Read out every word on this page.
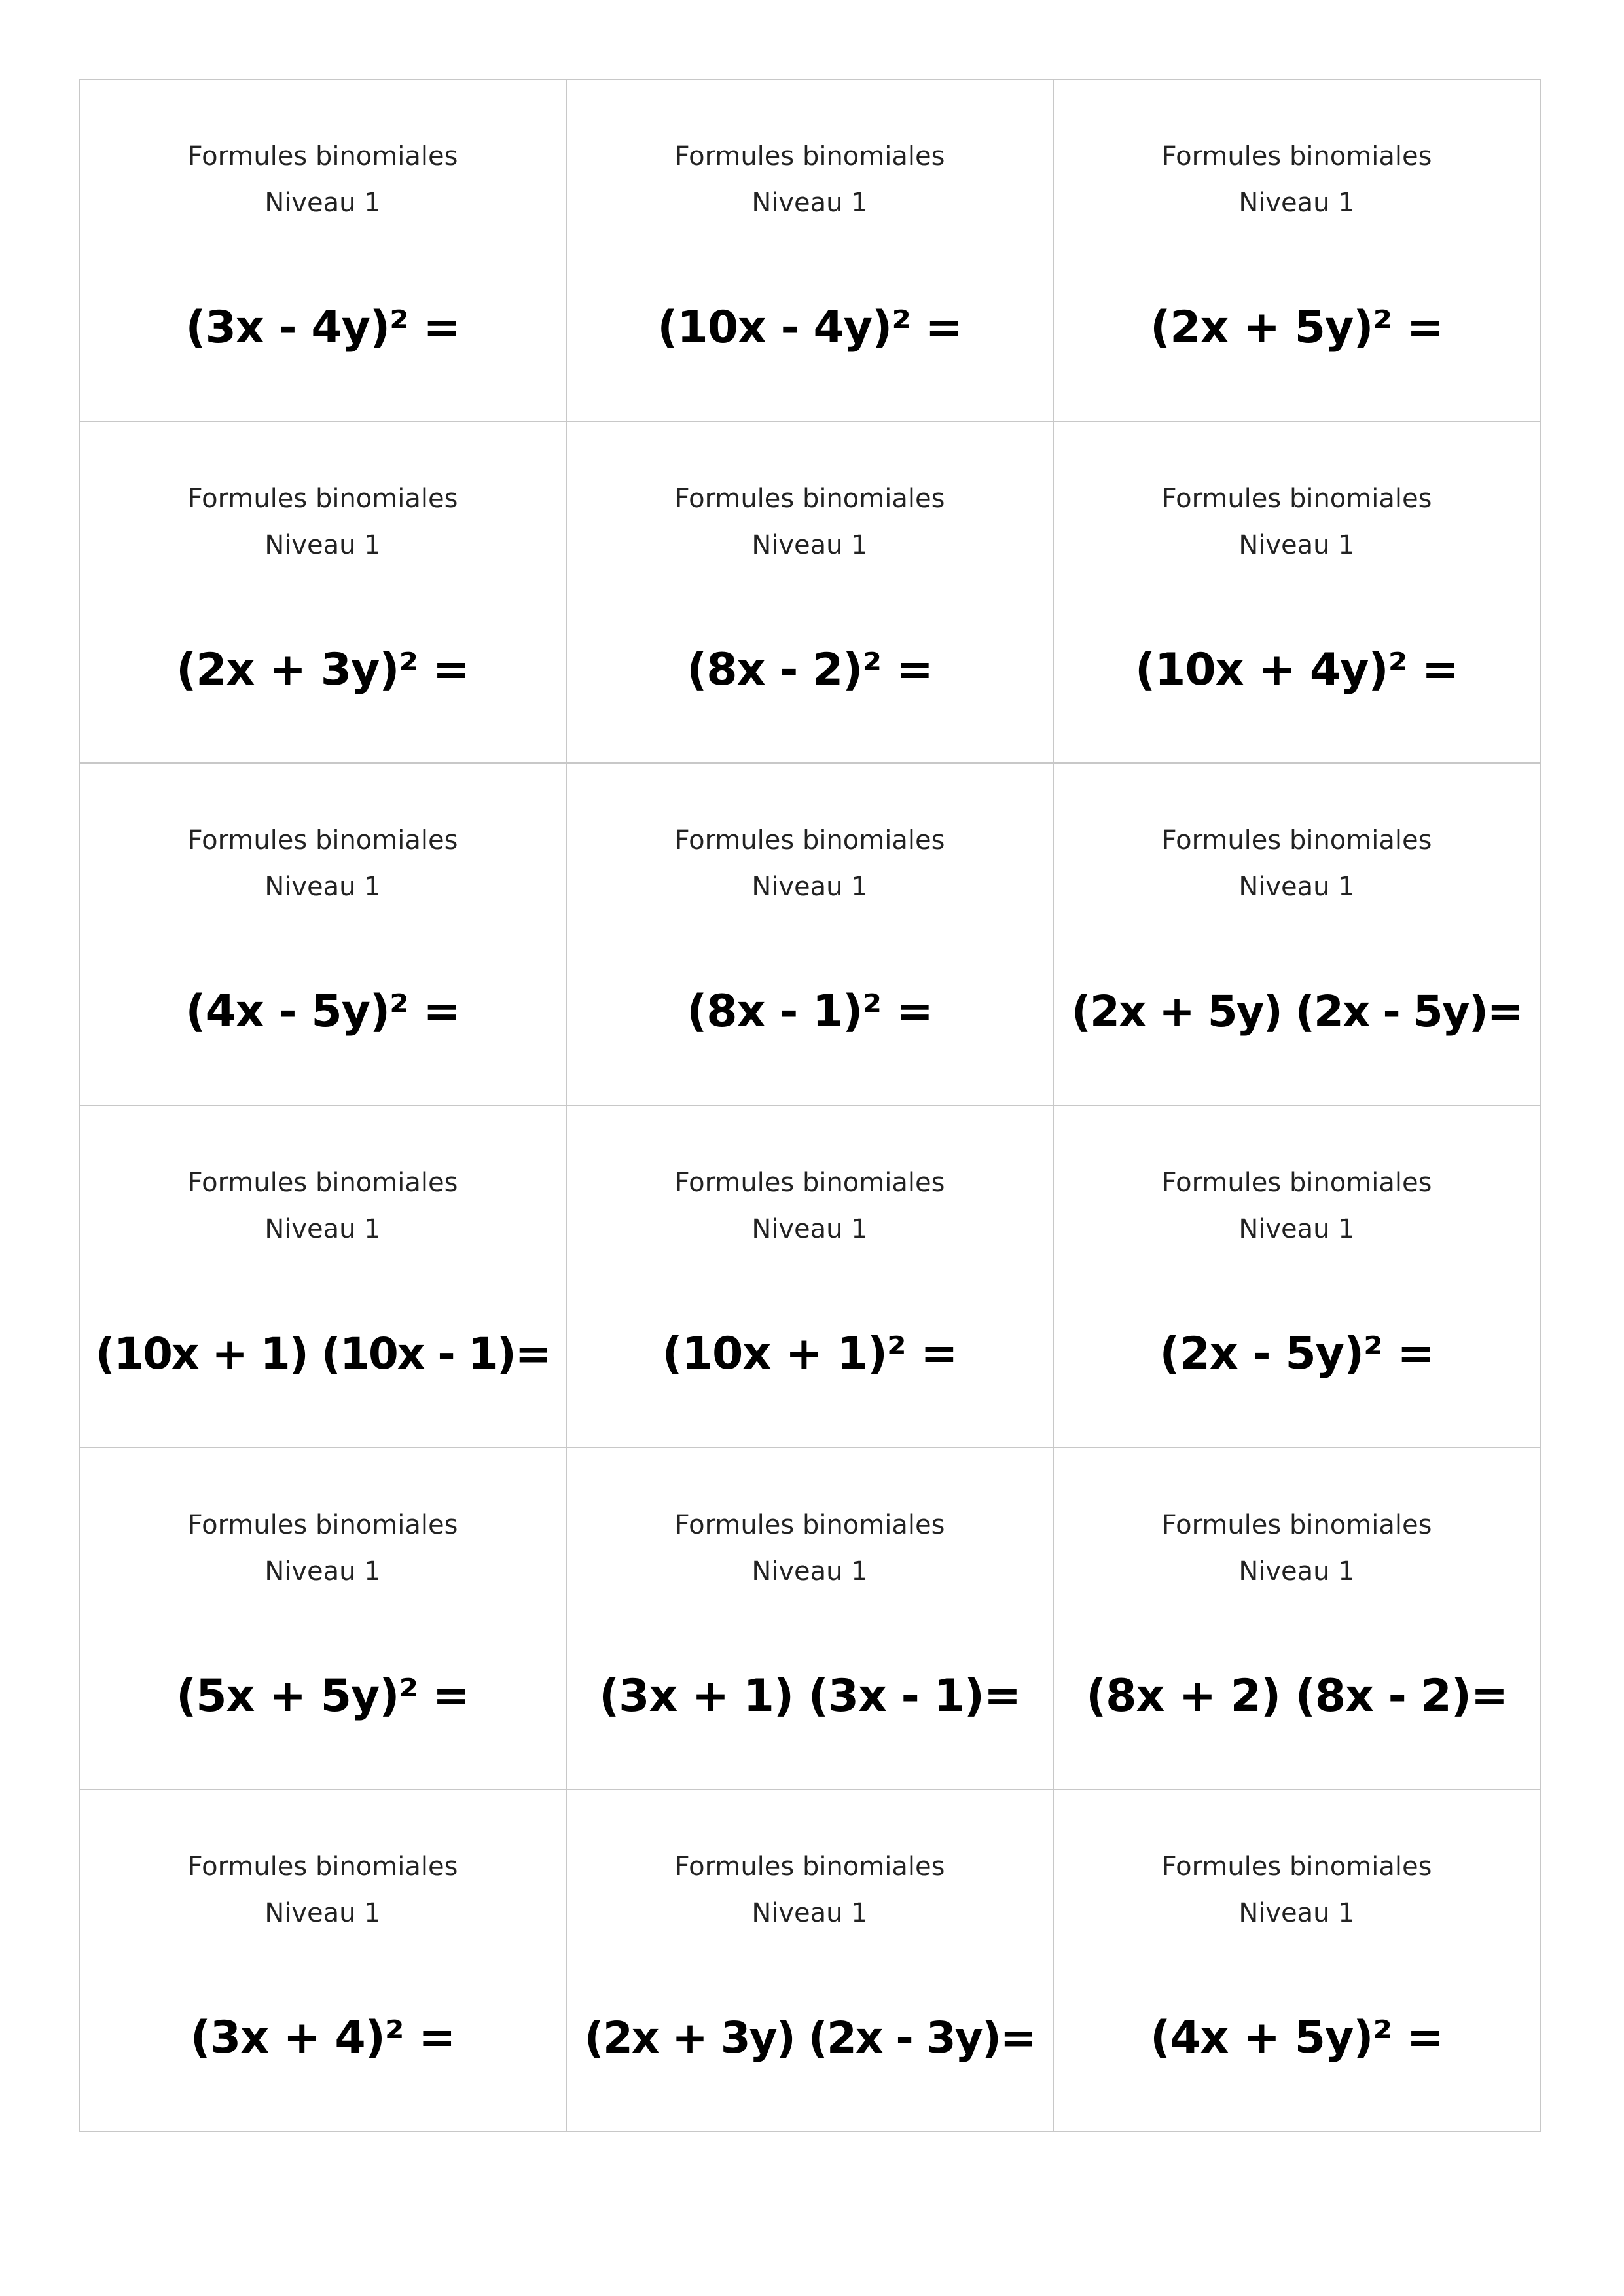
Formules binomiales
Niveau 1
(3x - 4y)² =
Formules binomiales
Niveau 1
(10x - 4y)² =
Formules binomiales
Niveau 1
(2x + 5y)² =
Formules binomiales
Niveau 1
(2x + 3y)² =
Formules binomiales
Niveau 1
(8x - 2)² =
Formules binomiales
Niveau 1
(10x + 4y)² =
Formules binomiales
Niveau 1
(4x - 5y)² =
Formules binomiales
Niveau 1
(8x - 1)² =
Formules binomiales
Niveau 1
(2x + 5y) (2x - 5y)=
Formules binomiales
Niveau 1
(10x + 1) (10x - 1)=
Formules binomiales
Niveau 1
(10x + 1)² =
Formules binomiales
Niveau 1
(2x - 5y)² =
Formules binomiales
Niveau 1
(5x + 5y)² =
Formules binomiales
Niveau 1
(3x + 1) (3x - 1)=
Formules binomiales
Niveau 1
(8x + 2) (8x - 2)=
Formules binomiales
Niveau 1
(3x + 4)² =
Formules binomiales
Niveau 1
(2x + 3y) (2x - 3y)=
Formules binomiales
Niveau 1
(4x + 5y)² =
